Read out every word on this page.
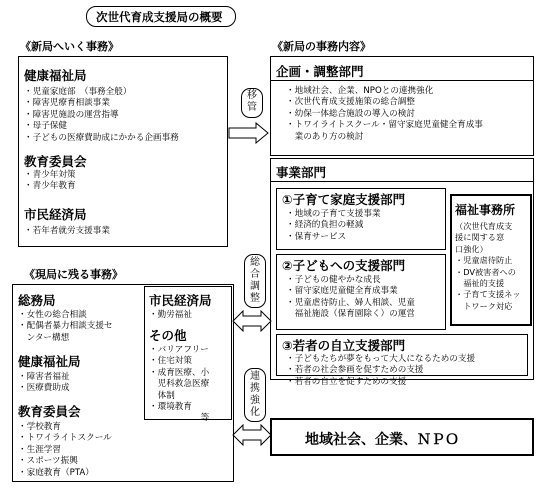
次世代育成支援局の概要
《新局へいく事務》
健康福祉局
・児童家庭部　（事務全般）
・障害児療育相談事業
・障害児施設の運営指導
・母子保健
・子どもの医療費助成にかかる企画事務
教育委員会
・青少年対策
・青少年教育
市民経済局
・若年者就労支援事業
移
管
《新局の事務内容》
企画・調整部門
・地域社会、企業、NPOとの連携強化
・次世代育成支援施策の総合調整
・幼保一体総合施設の導入の検討
・トワイライトスクール・留守家庭児童健全育成事
　業のあり方の検討
事業部門
①子育て家庭支援部門
・地域の子育て支援事業
・経済的負担の軽減
・保育サービス
福祉事務所
（次世代育成支
援に関する窓
口強化）
・児童虐待防止
・DV被害者への
　福祉的支援
・子育て支援ネッ
　トワーク対応
②子どもへの支援部門
・子どもの健やかな成長
・留守家庭児童健全育成事業
・児童虐待防止、婦人相談、児童
　福祉施設（保育園除く）の運営
③若者の自立支援部門
・子どもたちが夢をもって大人になるための支援
・若者の社会参画を促すための支援
・若者の自立を促すための支援
《現局に残る事務》
総務局
・女性の総合相談
・配偶者暴力相談支援セ
　ンター構想
健康福祉局
・障害者福祉
・医療費助成
教育委員会
・学校教育
・トワイライトスクール
・生涯学習
・スポーツ振興
・家庭教育（PTA）
市民経済局
・勤労福祉
その他
・バリアフリー
・住宅対策
・成育医療、小
　児科救急医療
　体制
・環境教育
　　　　　　等
総
合
調
整
連
携
強
化
地域社会、企業、ＮＰＯ
